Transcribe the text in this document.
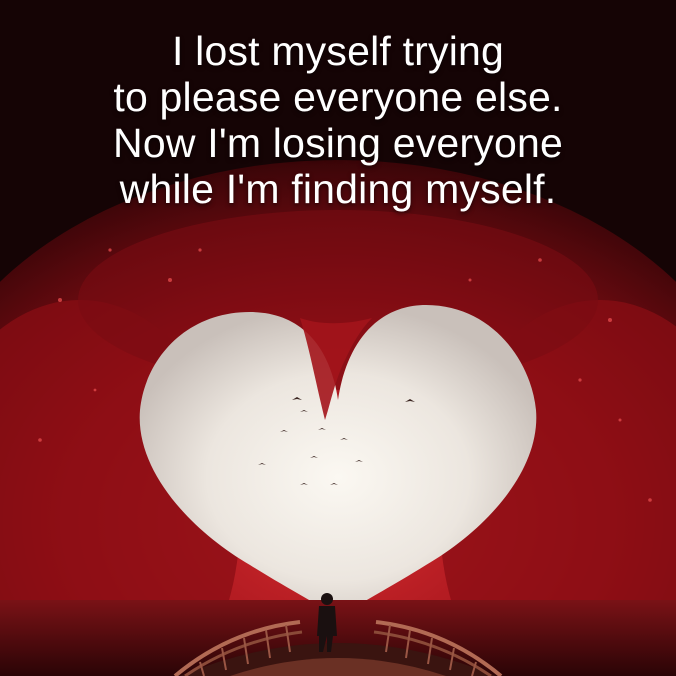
I lost myself trying
to please everyone else.
Now I'm losing everyone
while I'm finding myself.
